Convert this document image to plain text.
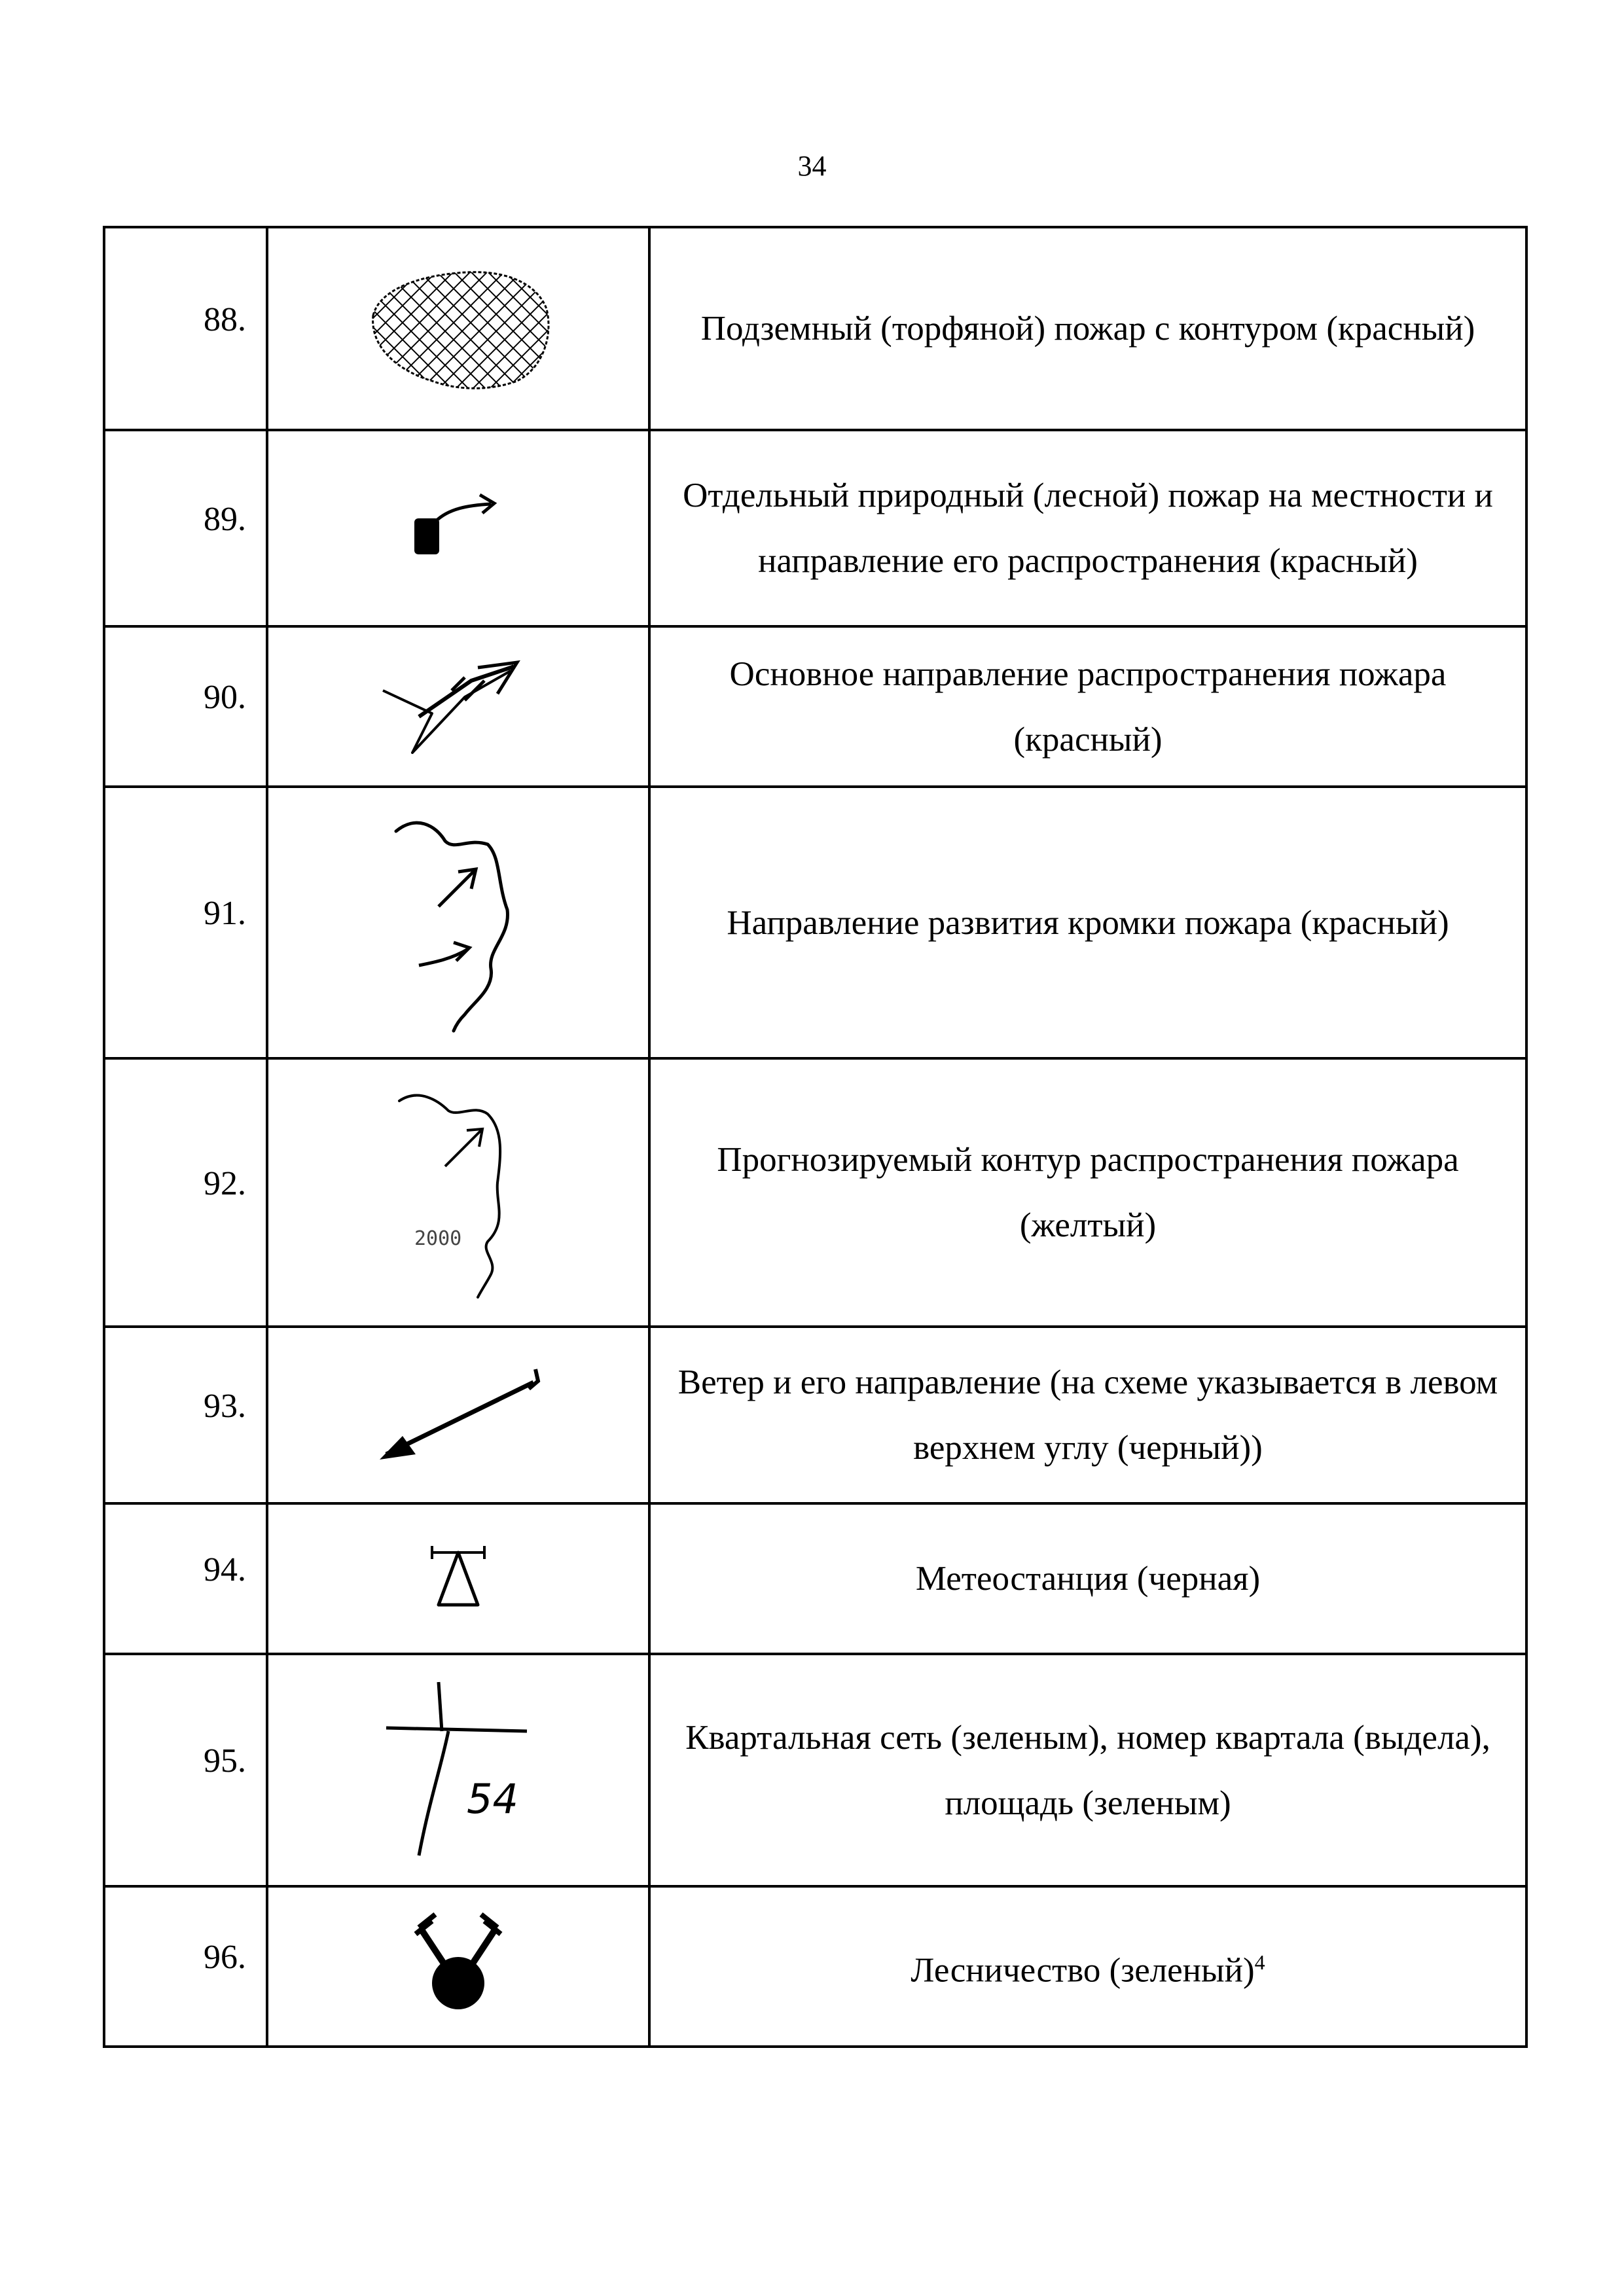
34
88.		Подземный (торфяной) пожар с контуром (красный)
89.		Отдельный природный (лесной) пожар на местности и направление его распространения (красный)
90.		Основное направление распространения пожара (красный)
91.		Направление развития кромки пожара (красный)
92.	2000	Прогнозируемый контур распространения пожара (желтый)
93.		Ветер и его направление (на схеме указывается в левом верхнем углу (черный))
94.		Метеостанция (черная)
95.	54	Квартальная сеть (зеленым), номер квартала (выдела), площадь (зеленым)
96.		Лесничество (зеленый)$^4$
